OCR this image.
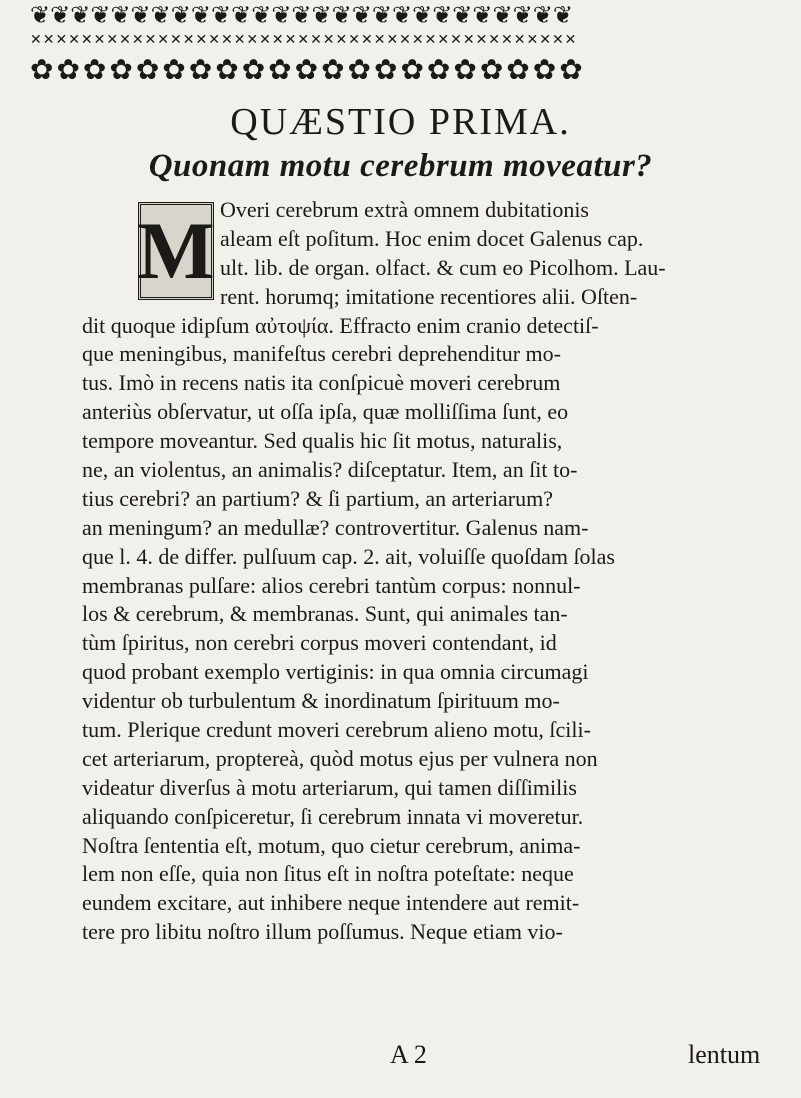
❦❦❦❦❦❦❦❦❦❦❦❦❦❦❦❦❦❦❦❦❦❦❦❦❦❦❦
✕✕✕✕✕✕✕✕✕✕✕✕✕✕✕✕✕✕✕✕✕✕✕✕✕✕✕✕✕✕✕✕✕✕✕✕✕✕✕✕✕✕✕
✿✿✿✿✿✿✿✿✿✿✿✿✿✿✿✿✿✿✿✿✿
QUÆSTIO PRIMA.
Quonam motu cerebrum moveatur?
M Overi cerebrum extrà omnem dubitationis
aleam eſt poſitum. Hoc enim docet Galenus cap.
ult. lib. de organ. olfact. & cum eo Picolhom. Lau-
rent. horumq; imitatione recentiores alii. Oſten-
dit quoque idipſum αὐτοψία. Effracto enim cranio detectiſ-
que meningibus, manifeſtus cerebri deprehenditur mo-
tus. Imò in recens natis ita conſpicuè moveri cerebrum
anteriùs obſervatur, ut oſſa ipſa, quæ molliſſima ſunt, eo
tempore moveantur. Sed qualis hic ſit motus, naturalis,
ne, an violentus, an animalis? diſceptatur. Item, an ſit to-
tius cerebri? an partium? & ſi partium, an arteriarum?
an meningum? an medullæ? controvertitur. Galenus nam-
que l. 4. de differ. pulſuum cap. 2. ait, voluiſſe quoſdam ſolas
membranas pulſare: alios cerebri tantùm corpus: nonnul-
los & cerebrum, & membranas. Sunt, qui animales tan-
tùm ſpiritus, non cerebri corpus moveri contendant, id
quod probant exemplo vertiginis: in qua omnia circumagi
videntur ob turbulentum & inordinatum ſpirituum mo-
tum. Plerique credunt moveri cerebrum alieno motu, ſcili-
cet arteriarum, proptereà, quòd motus ejus per vulnera non
videatur diverſus à motu arteriarum, qui tamen diſſimilis
aliquando conſpiceretur, ſi cerebrum innata vi moveretur.
Noſtra ſententia eſt, motum, quo cietur cerebrum, anima-
lem non eſſe, quia non ſitus eſt in noſtra poteſtate: neque
eundem excitare, aut inhibere neque intendere aut remit-
tere pro libitu noſtro illum poſſumus. Neque etiam vio-
A 2	lentum
